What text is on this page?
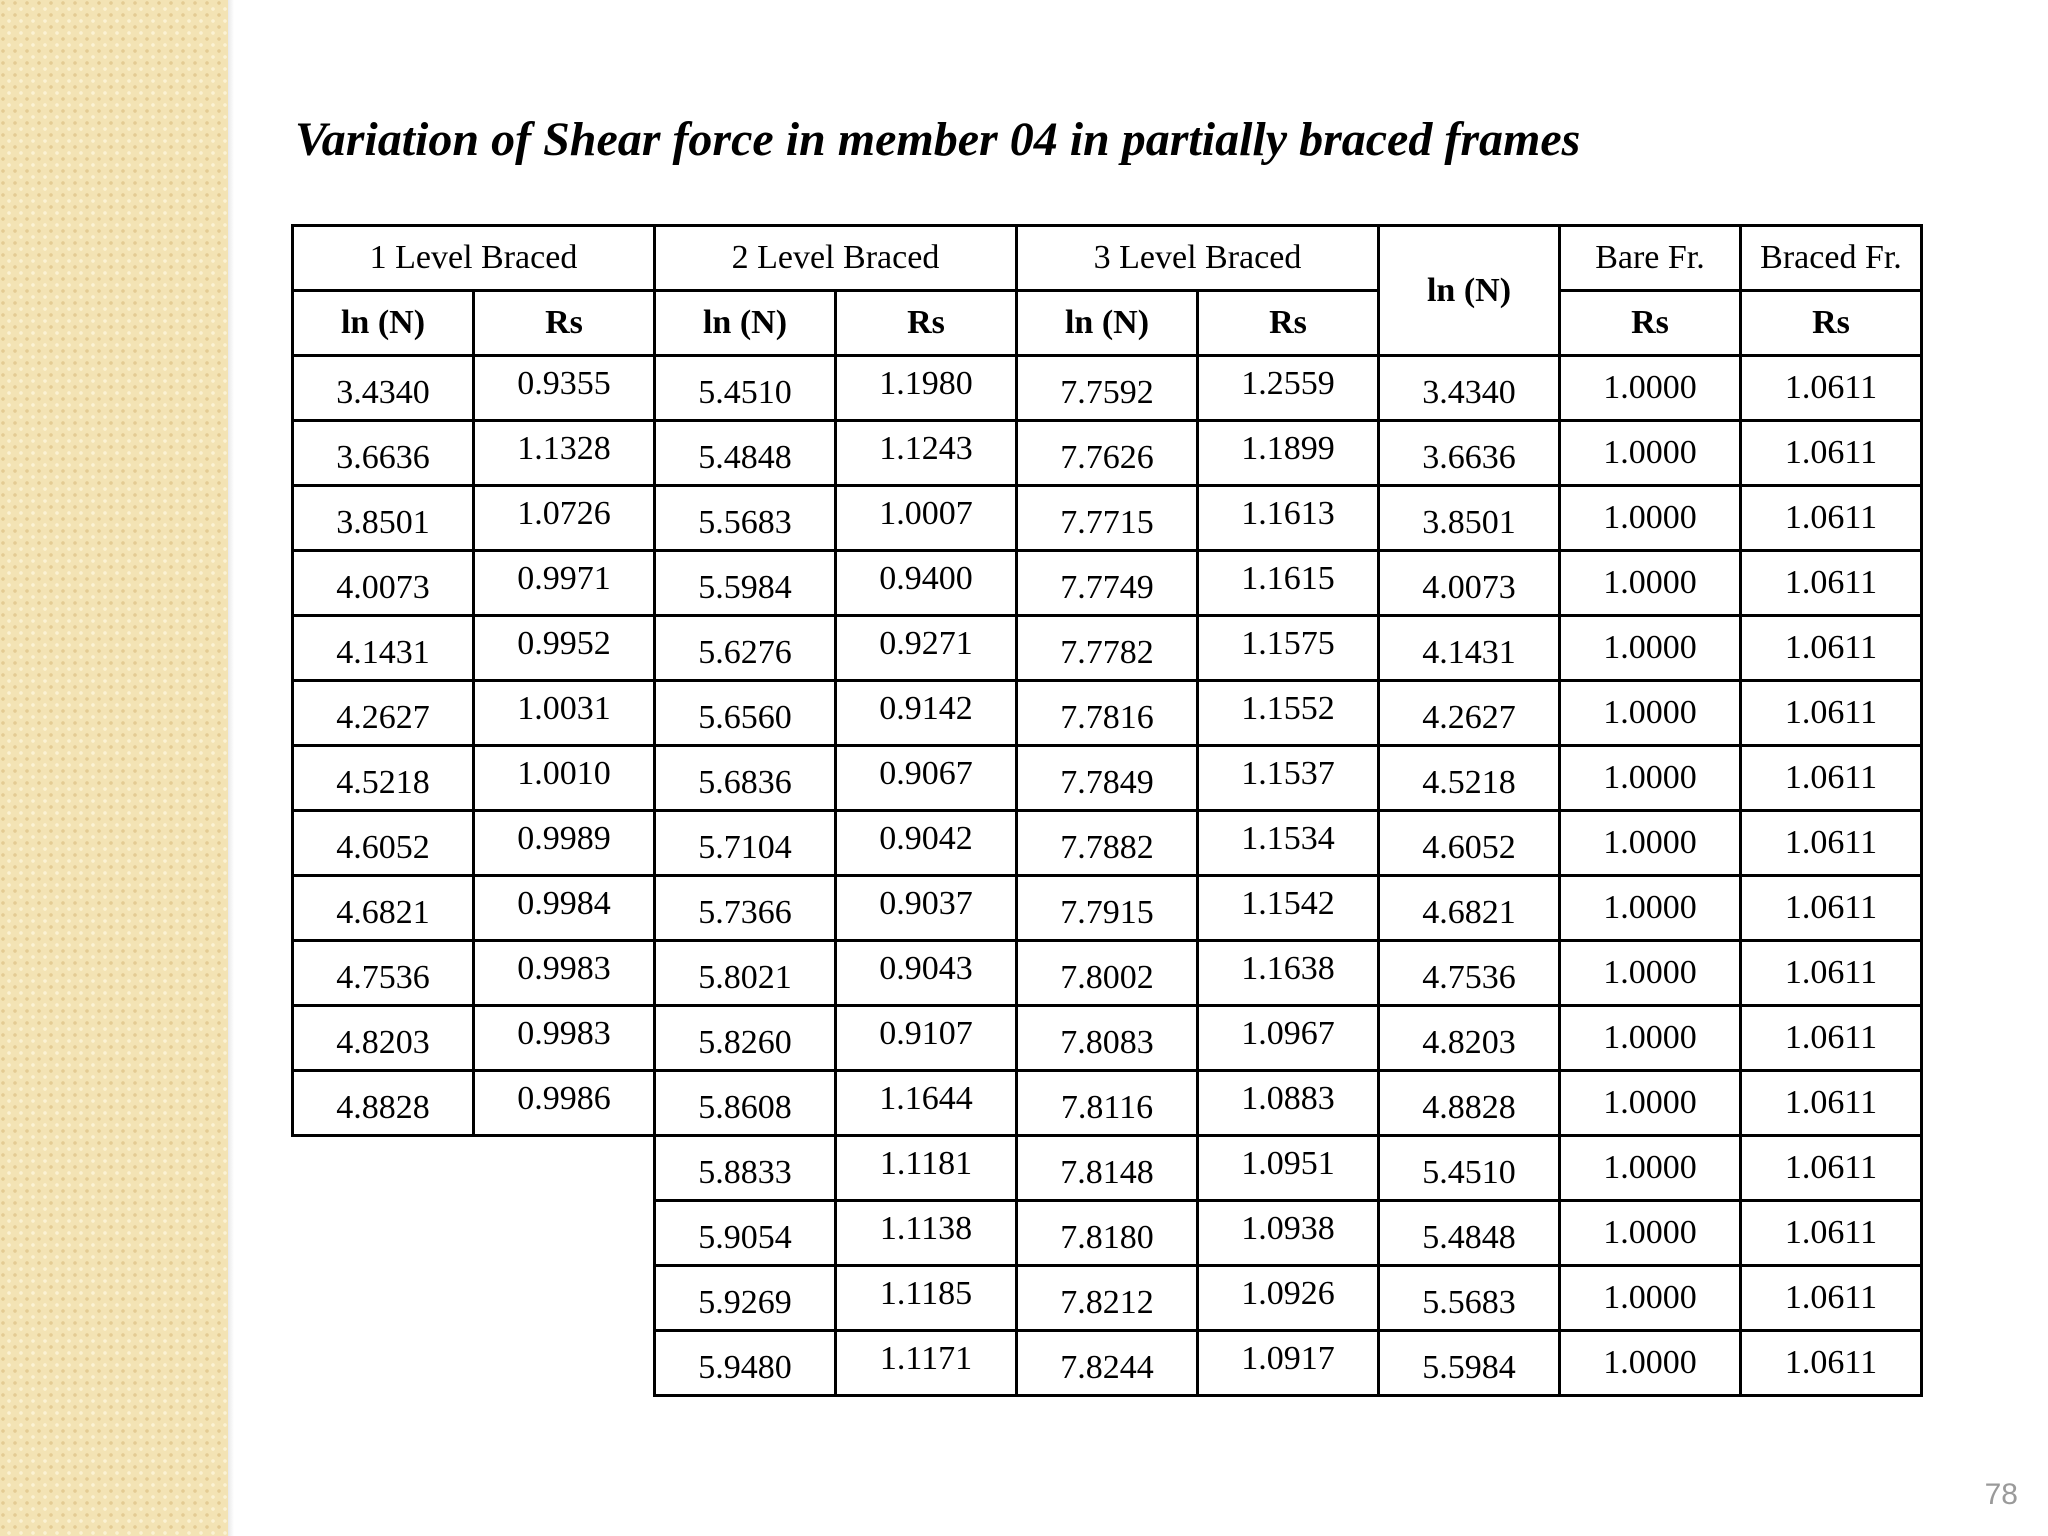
Variation of Shear force in member 04 in partially braced frames
1 Level Braced		2 Level Braced		3 Level Braced		ln (N)	Bare Fr.	Braced Fr.
ln (N)	Rs	ln (N)	Rs	ln (N)	Rs		Rs	Rs
3.4340	0.9355	5.4510	1.1980	7.7592	1.2559	3.4340	1.0000	1.0611
3.6636	1.1328	5.4848	1.1243	7.7626	1.1899	3.6636	1.0000	1.0611
3.8501	1.0726	5.5683	1.0007	7.7715	1.1613	3.8501	1.0000	1.0611
4.0073	0.9971	5.5984	0.9400	7.7749	1.1615	4.0073	1.0000	1.0611
4.1431	0.9952	5.6276	0.9271	7.7782	1.1575	4.1431	1.0000	1.0611
4.2627	1.0031	5.6560	0.9142	7.7816	1.1552	4.2627	1.0000	1.0611
4.5218	1.0010	5.6836	0.9067	7.7849	1.1537	4.5218	1.0000	1.0611
4.6052	0.9989	5.7104	0.9042	7.7882	1.1534	4.6052	1.0000	1.0611
4.6821	0.9984	5.7366	0.9037	7.7915	1.1542	4.6821	1.0000	1.0611
4.7536	0.9983	5.8021	0.9043	7.8002	1.1638	4.7536	1.0000	1.0611
4.8203	0.9983	5.8260	0.9107	7.8083	1.0967	4.8203	1.0000	1.0611
4.8828	0.9986	5.8608	1.1644	7.8116	1.0883	4.8828	1.0000	1.0611
		5.8833	1.1181	7.8148	1.0951	5.4510	1.0000	1.0611
		5.9054	1.1138	7.8180	1.0938	5.4848	1.0000	1.0611
		5.9269	1.1185	7.8212	1.0926	5.5683	1.0000	1.0611
		5.9480	1.1171	7.8244	1.0917	5.5984	1.0000	1.0611
78
